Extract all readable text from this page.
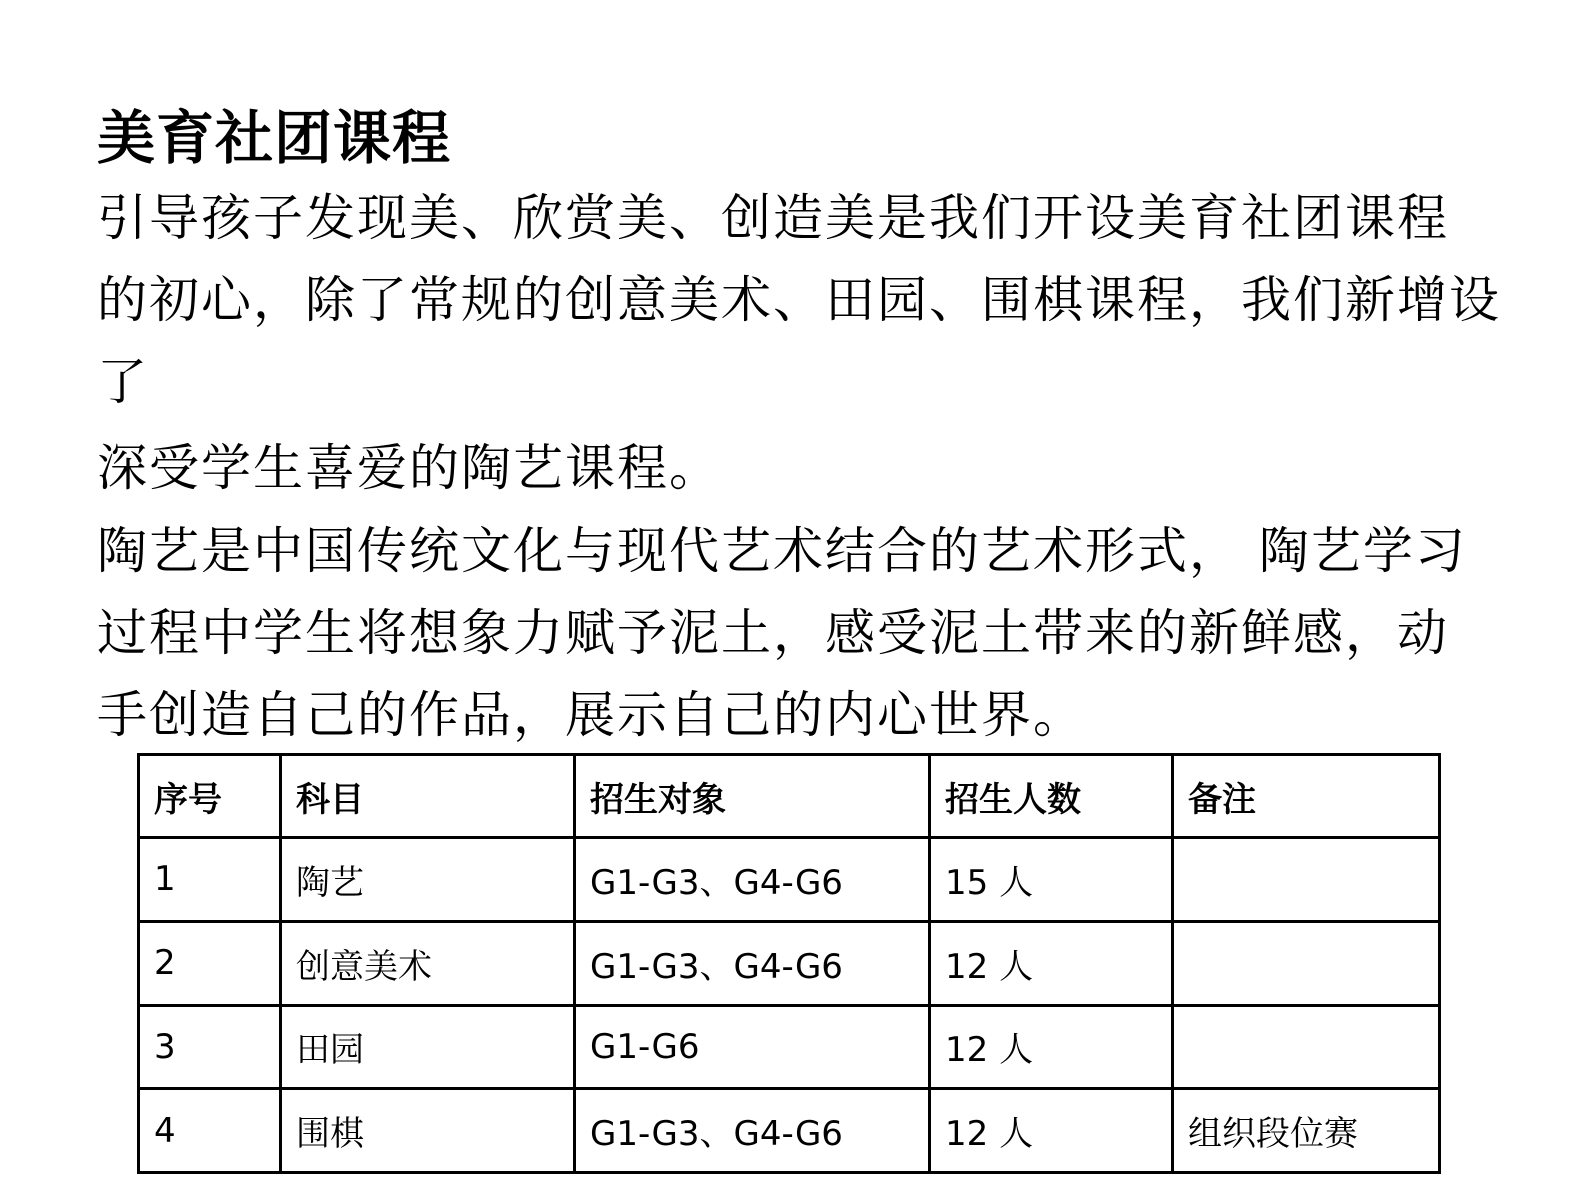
美育社团课程
引导孩子发现美、欣赏美、创造美是我们开设美育社团课程
的初心，除了常规的创意美术、田园、围棋课程，我们新增设
了
深受学生喜爱的陶艺课程。
陶艺是中国传统文化与现代艺术结合的艺术形式， 陶艺学习
过程中学生将想象力赋予泥土，感受泥土带来的新鲜感，动
手创造自己的作品，展示自己的内心世界。
序号	科目	招生对象	招生人数	备注
1	陶艺	G1-G3、G4-G6	15 人	
2	创意美术	G1-G3、G4-G6	12 人	
3	田园	G1-G6	12 人	
4	围棋	G1-G3、G4-G6	12 人	组织段位赛
